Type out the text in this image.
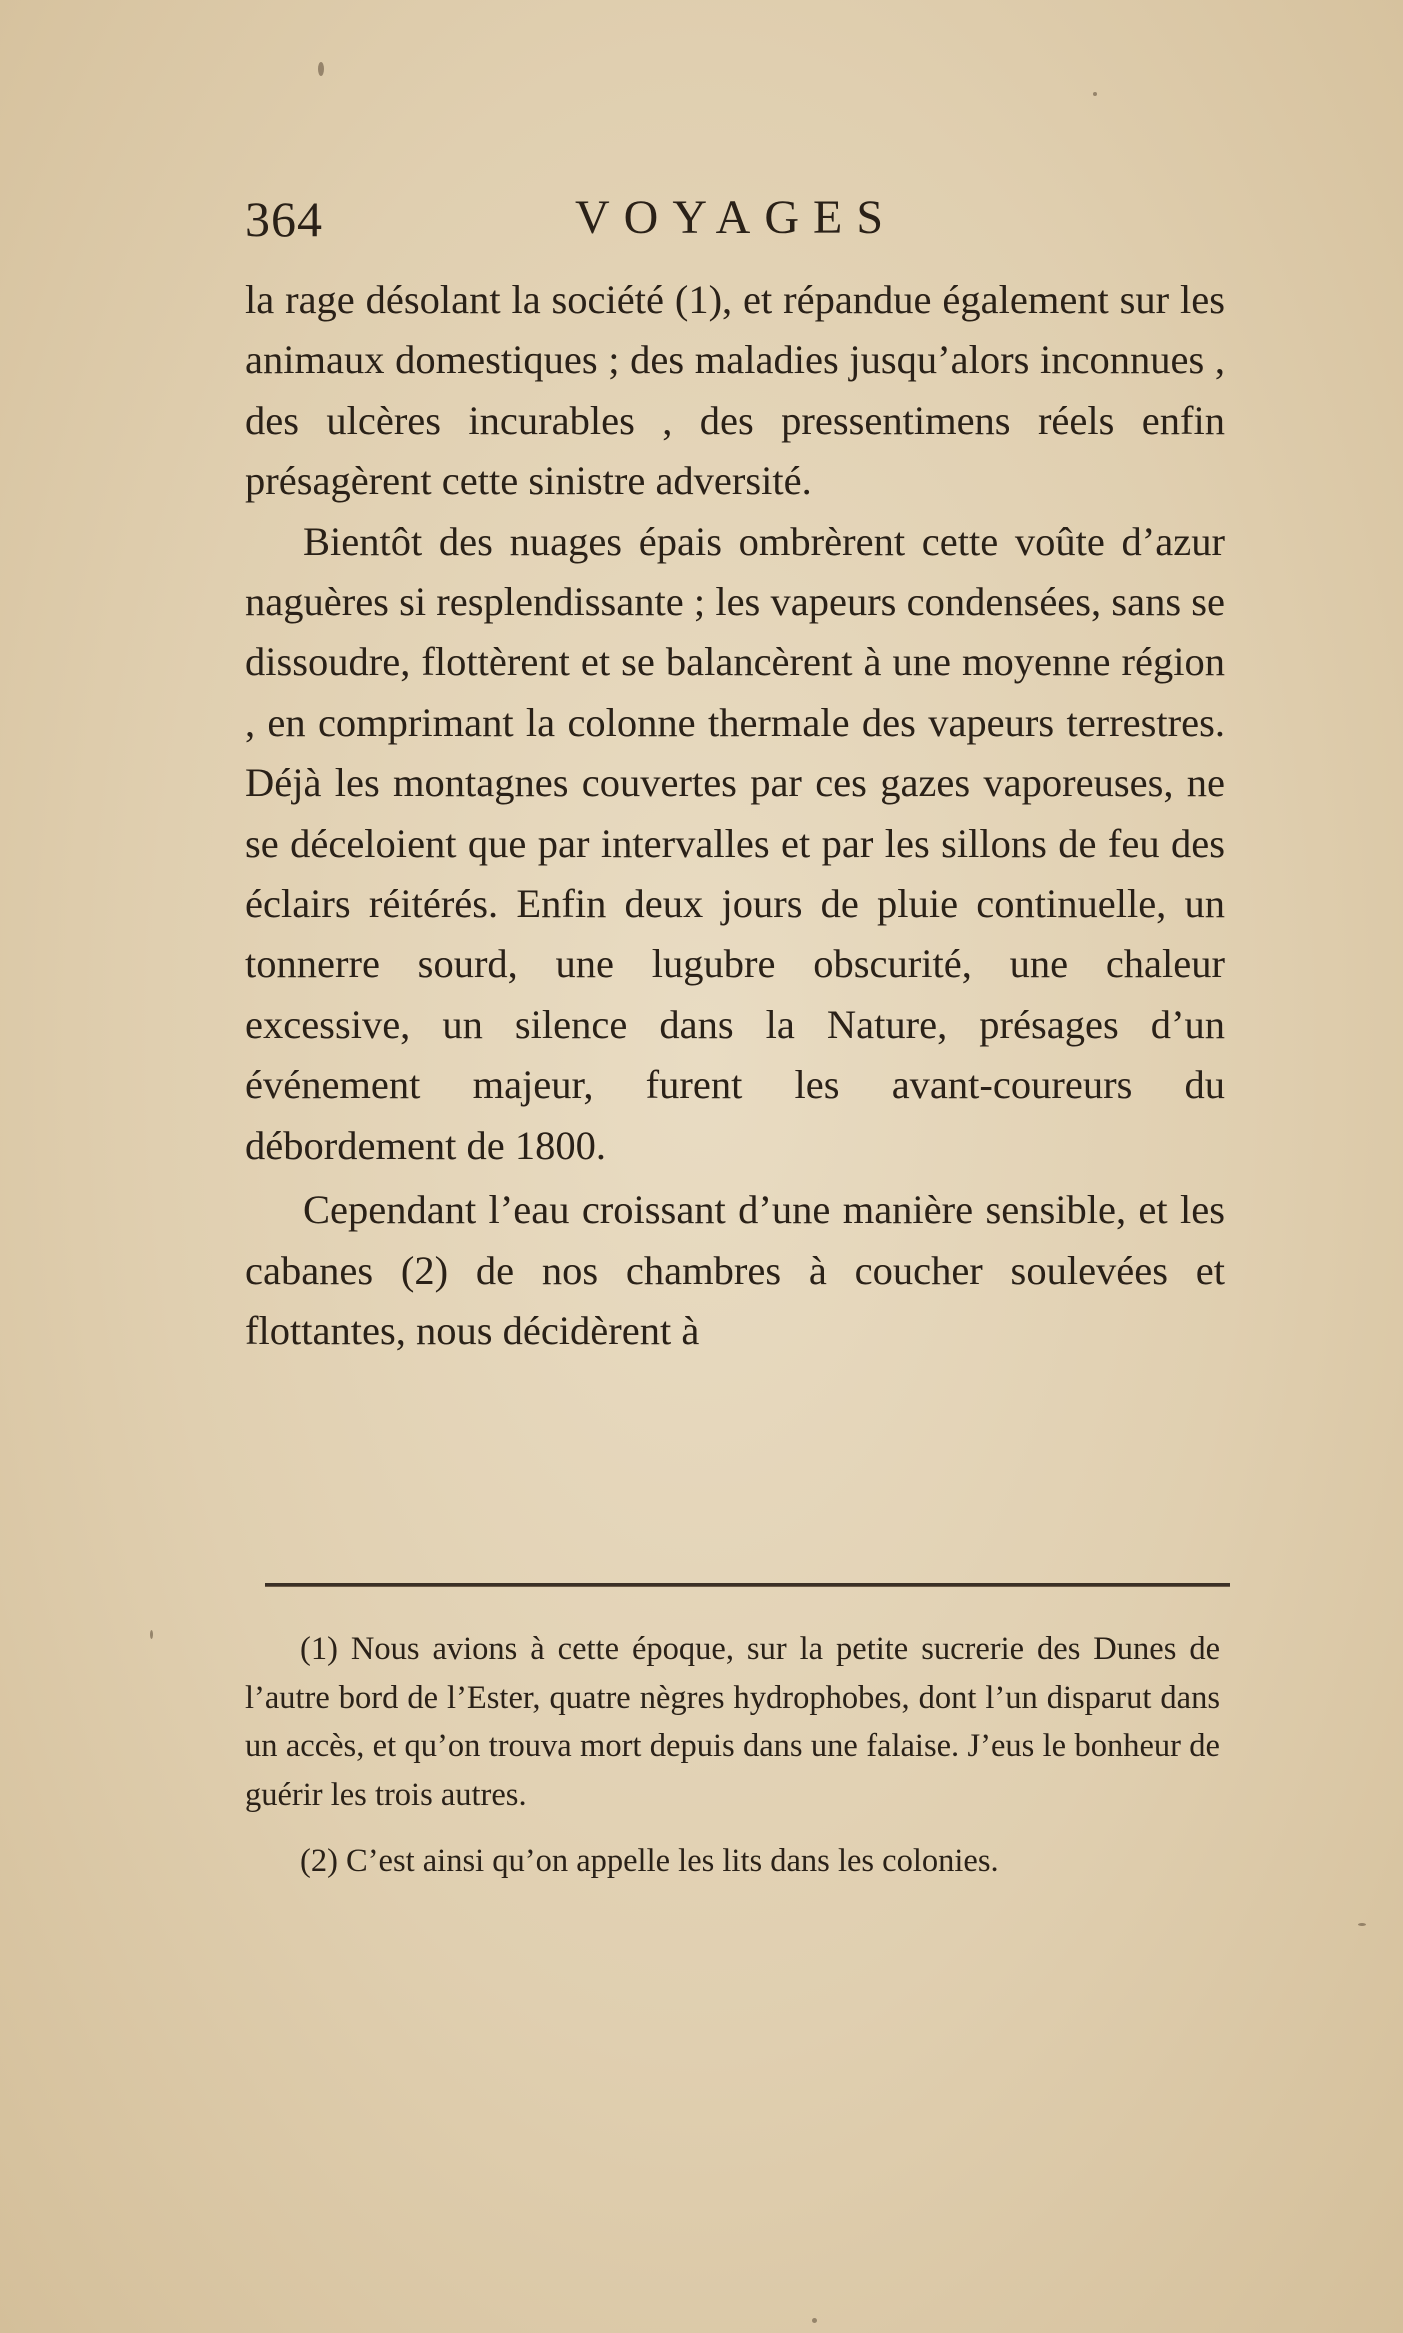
364	VOYAGES

la rage désolant la société (1), et répandue également sur les animaux domestiques ; des maladies jusqu’alors inconnues , des ulcères incurables , des pressentimens réels enfin présagèrent cette sinistre adversité.

Bientôt des nuages épais ombrèrent cette voûte d’azur naguères si resplendissante ; les vapeurs condensées, sans se dissoudre, flottèrent et se balancèrent à une moyenne région , en comprimant la colonne thermale des vapeurs terrestres. Déjà les montagnes couvertes par ces gazes vaporeuses, ne se déceloient que par intervalles et par les sillons de feu des éclairs réitérés. Enfin deux jours de pluie continuelle, un tonnerre sourd, une lugubre obscurité, une chaleur excessive, un silence dans la Nature, présages d’un événement majeur, furent les avant-coureurs du débordement de 1800.

Cependant l’eau croissant d’une manière sensible, et les cabanes (2) de nos chambres à coucher soulevées et flottantes, nous décidèrent à

(1) Nous avions à cette époque, sur la petite sucrerie des Dunes de l’autre bord de l’Ester, quatre nègres hydrophobes, dont l’un disparut dans un accès, et qu’on trouva mort depuis dans une falaise. J’eus le bonheur de guérir les trois autres.

(2) C’est ainsi qu’on appelle les lits dans les colonies.
